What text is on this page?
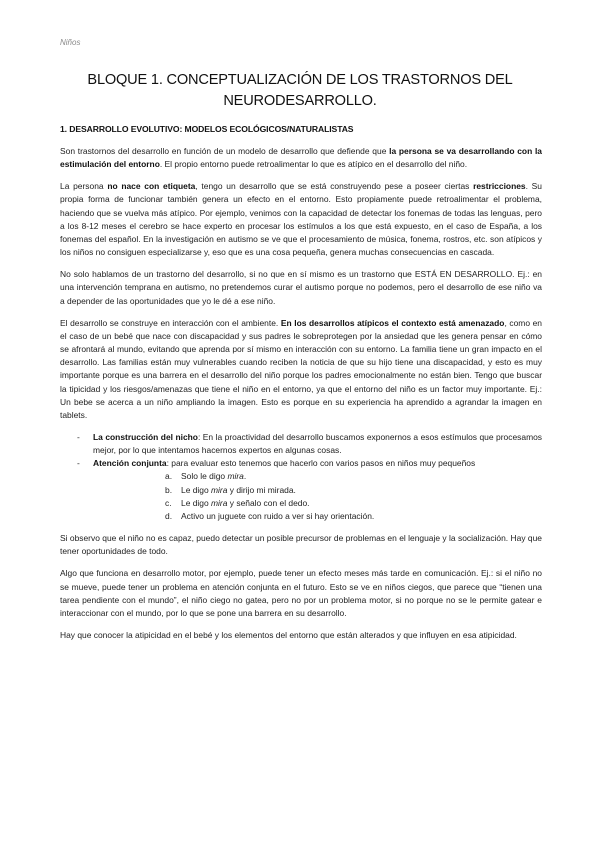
Niños
BLOQUE 1. CONCEPTUALIZACIÓN DE LOS TRASTORNOS DEL
NEURODESARROLLO.
1. DESARROLLO EVOLUTIVO: MODELOS ECOLÓGICOS/NATURALISTAS

Son trastornos del desarrollo en función de un modelo de desarrollo que defiende que la persona se va desarrollando con la estimulación del entorno. El propio entorno puede retroalimentar lo que es atípico en el desarrollo del niño.

La persona no nace con etiqueta, tengo un desarrollo que se está construyendo pese a poseer ciertas restricciones. Su propia forma de funcionar también genera un efecto en el entorno. Esto propiamente puede retroalimentar el problema, haciendo que se vuelva más atípico. Por ejemplo, venimos con la capacidad de detectar los fonemas de todas las lenguas, pero a los 8-12 meses el cerebro se hace experto en procesar los estímulos a los que está expuesto, en el caso de España, a los fonemas del español. En la investigación en autismo se ve que el procesamiento de música, fonema, rostros, etc. son atípicos y los niños no consiguen especializarse y, eso que es una cosa pequeña, genera muchas consecuencias en cascada.

No solo hablamos de un trastorno del desarrollo, si no que en sí mismo es un trastorno que ESTÁ EN DESARROLLO. Ej.: en una intervención temprana en autismo, no pretendemos curar el autismo porque no podemos, pero el desarrollo de ese niño va a depender de las oportunidades que yo le dé a ese niño.

El desarrollo se construye en interacción con el ambiente. En los desarrollos atípicos el contexto está amenazado, como en el caso de un bebé que nace con discapacidad y sus padres le sobreprotegen por la ansiedad que les genera pensar en cómo se afrontará al mundo, evitando que aprenda por sí mismo en interacción con su entorno. La familia tiene un gran impacto en el desarrollo. Las familias están muy vulnerables cuando reciben la noticia de que su hijo tiene una discapacidad, y esto es muy importante porque es una barrera en el desarrollo del niño porque los padres emocionalmente no están bien. Tengo que buscar la tipicidad y los riesgos/amenazas que tiene el niño en el entorno, ya que el entorno del niño es un factor muy importante. Ej.: Un bebe se acerca a un niño ampliando la imagen. Esto es porque en su experiencia ha aprendido a agrandar la imagen en tablets.

- La construcción del nicho: En la proactividad del desarrollo buscamos exponernos a esos estímulos que procesamos mejor, por lo que intentamos hacernos expertos en algunas cosas.
- Atención conjunta: para evaluar esto tenemos que hacerlo con varios pasos en niños muy pequeños
a. Solo le digo mira.
b. Le digo mira y dirijo mi mirada.
c. Le digo mira y señalo con el dedo.
d. Activo un juguete con ruido a ver si hay orientación.

Si observo que el niño no es capaz, puedo detectar un posible precursor de problemas en el lenguaje y la socialización. Hay que tener oportunidades de todo.

Algo que funciona en desarrollo motor, por ejemplo, puede tener un efecto meses más tarde en comunicación. Ej.: si el niño no se mueve, puede tener un problema en atención conjunta en el futuro. Esto se ve en niños ciegos, que parece que “tienen una tarea pendiente con el mundo”, el niño ciego no gatea, pero no por un problema motor, si no porque no se le permite gatear e interaccionar con el mundo, por lo que se pone una barrera en su desarrollo.

Hay que conocer la atipicidad en el bebé y los elementos del entorno que están alterados y que influyen en esa atipicidad.
